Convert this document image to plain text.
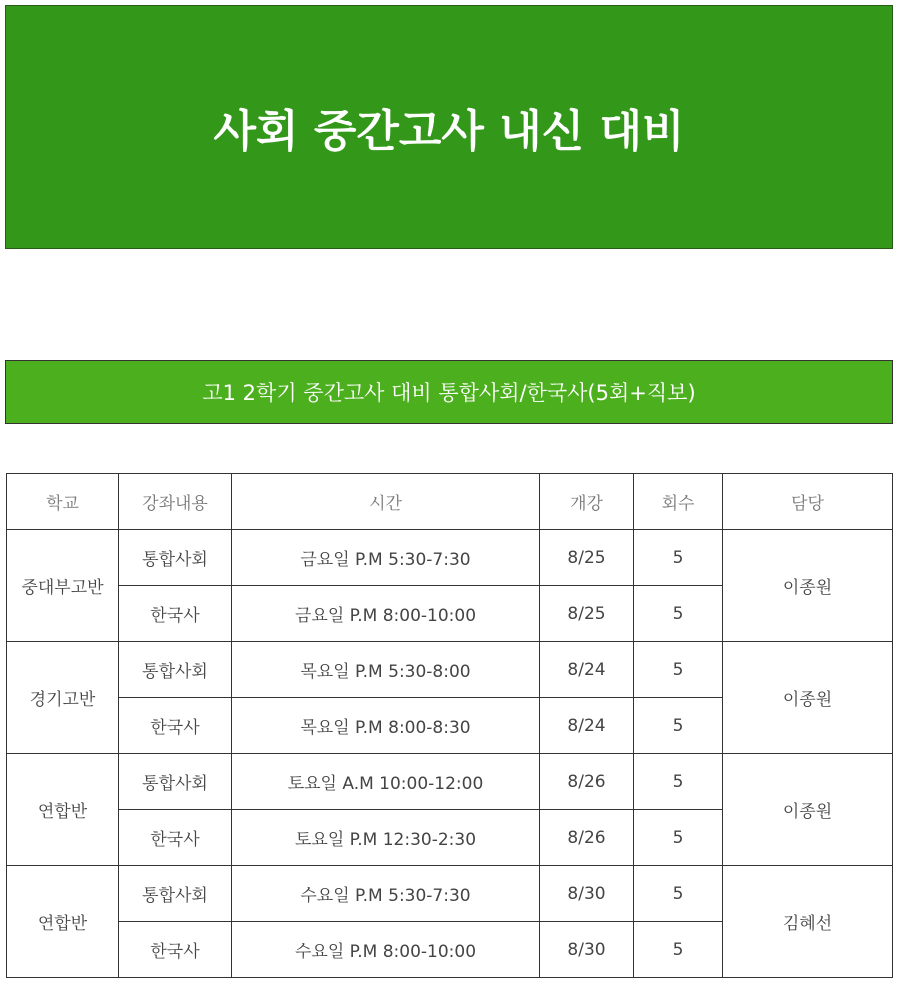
사회 중간고사 내신 대비
고1 2학기 중간고사 대비 통합사회/한국사(5회+직보)
학교	강좌내용	시간	개강	회수	담당
중대부고반	통합사회	금요일 P.M 5:30-7:30	8/25	5	이종원
	한국사	금요일 P.M 8:00-10:00	8/25	5	
경기고반	통합사회	목요일 P.M 5:30-8:00	8/24	5	이종원
	한국사	목요일 P.M 8:00-8:30	8/24	5	
연합반	통합사회	토요일 A.M 10:00-12:00	8/26	5	이종원
	한국사	토요일 P.M 12:30-2:30	8/26	5	
연합반	통합사회	수요일 P.M 5:30-7:30	8/30	5	김혜선
	한국사	수요일 P.M 8:00-10:00	8/30	5	
